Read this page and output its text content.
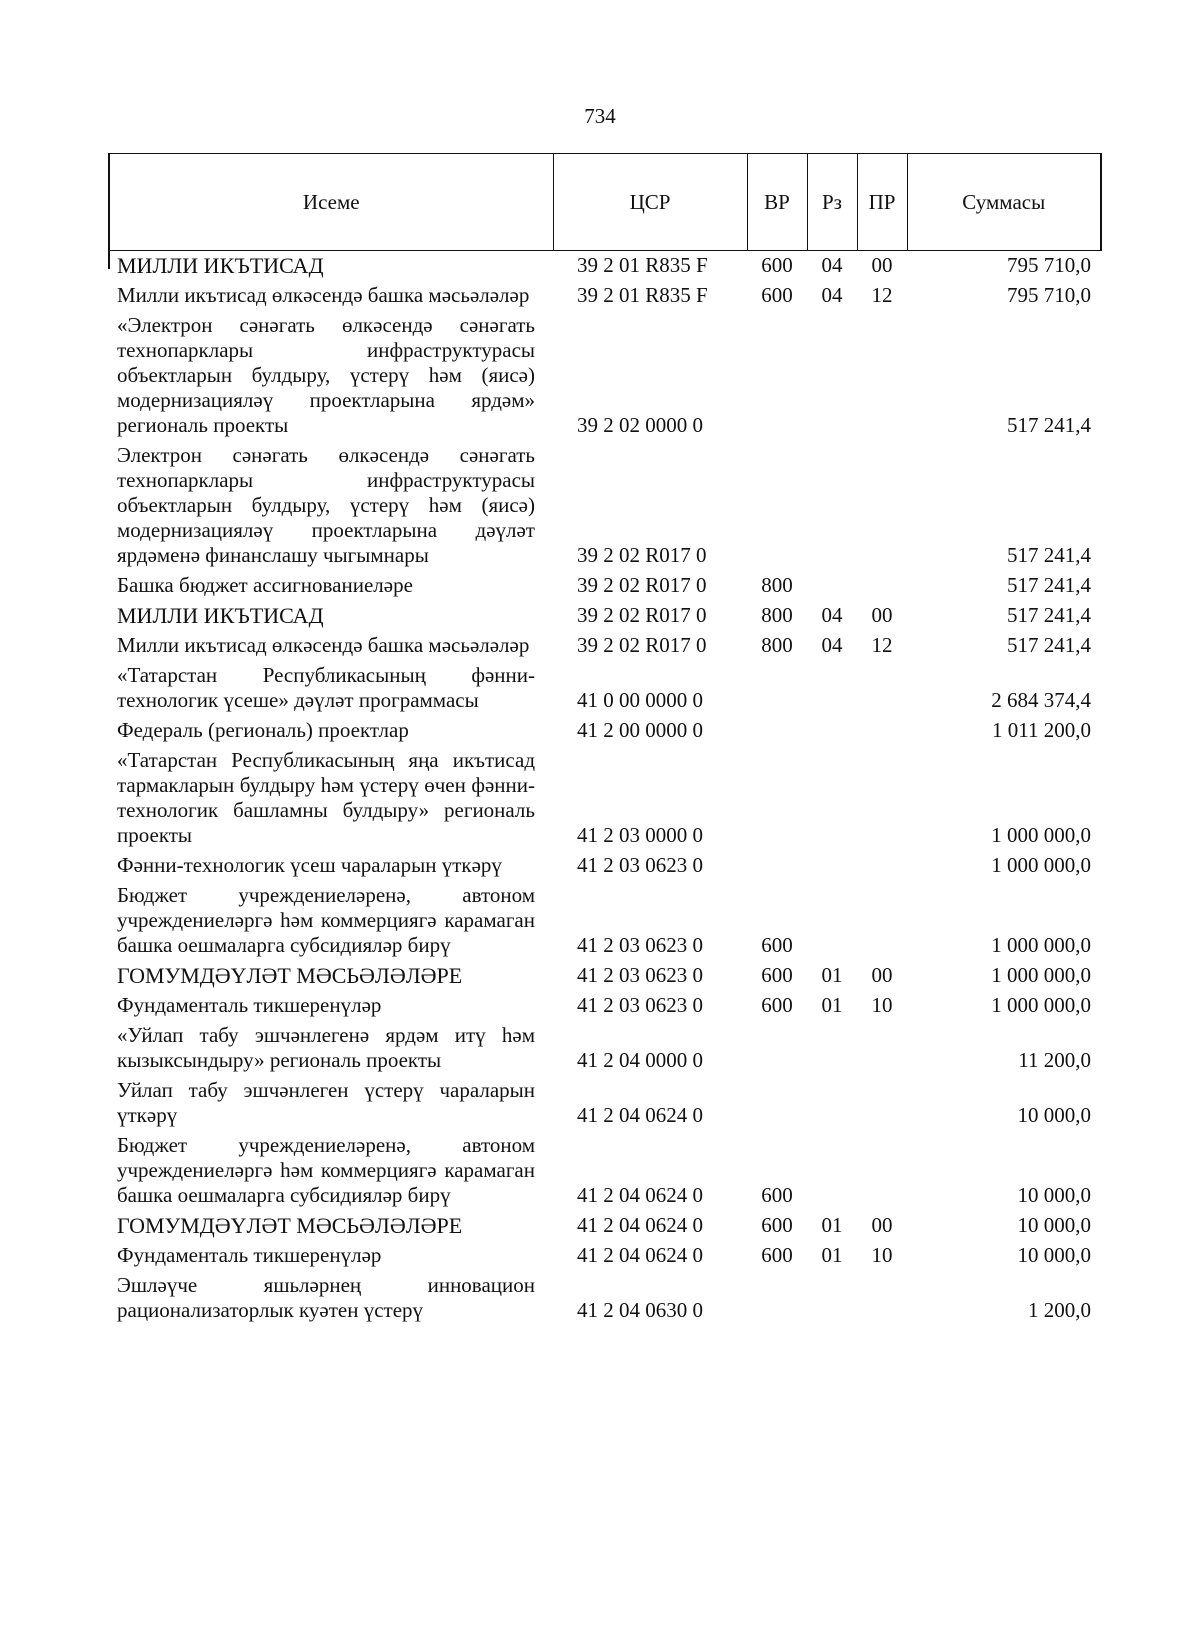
734
Исеме	ЦСР	ВР	Рз	ПР	Суммасы
МИЛЛИ ИКЪТИСАД	39 2 01 R835 F	600	04	00	795 710,0
Милли икътисад өлкәсендә башка мәсьәләләр	39 2 01 R835 F	600	04	12	795 710,0
«Электрон сәнәгать өлкәсендә сәнәгать технопарклары инфраструктурасы объектларын булдыру, үстерү һәм (яисә) модернизацияләү проектларына ярдәм» региональ проекты	39 2 02 0000 0				517 241,4
Электрон сәнәгать өлкәсендә сәнәгать технопарклары инфраструктурасы объектларын булдыру, үстерү һәм (яисә) модернизацияләү проектларына дәүләт ярдәменә финанслашу чыгымнары	39 2 02 R017 0				517 241,4
Башка бюджет ассигнованиеләре	39 2 02 R017 0	800			517 241,4
МИЛЛИ ИКЪТИСАД	39 2 02 R017 0	800	04	00	517 241,4
Милли икътисад өлкәсендә башка мәсьәләләр	39 2 02 R017 0	800	04	12	517 241,4
«Татарстан Республикасының фәнни-технологик үсеше» дәүләт программасы	41 0 00 0000 0				2 684 374,4
Федераль (региональ) проектлар	41 2 00 0000 0				1 011 200,0
«Татарстан Республикасының яңа икътисад тармакларын булдыру һәм үстерү өчен фәнни-технологик башламны булдыру» региональ проекты	41 2 03 0000 0				1 000 000,0
Фәнни-технологик үсеш чараларын үткәрү	41 2 03 0623 0				1 000 000,0
Бюджет учреждениеләренә, автоном учреждениеләргә һәм коммерциягә карамаган башка оешмаларга субсидияләр бирү	41 2 03 0623 0	600			1 000 000,0
ГОМУМДӘҮЛӘТ МӘСЬӘЛӘЛӘРЕ	41 2 03 0623 0	600	01	00	1 000 000,0
Фундаменталь тикшеренүләр	41 2 03 0623 0	600	01	10	1 000 000,0
«Уйлап табу эшчәнлегенә ярдәм итү һәм кызыксындыру» региональ проекты	41 2 04 0000 0				11 200,0
Уйлап табу эшчәнлеген үстерү чараларын үткәрү	41 2 04 0624 0				10 000,0
Бюджет учреждениеләренә, автоном учреждениеләргә һәм коммерциягә карамаган башка оешмаларга субсидияләр бирү	41 2 04 0624 0	600			10 000,0
ГОМУМДӘҮЛӘТ МӘСЬӘЛӘЛӘРЕ	41 2 04 0624 0	600	01	00	10 000,0
Фундаменталь тикшеренүләр	41 2 04 0624 0	600	01	10	10 000,0
Эшләүче яшьләрнең инновацион рационализаторлык куәтен үстерү	41 2 04 0630 0				1 200,0
